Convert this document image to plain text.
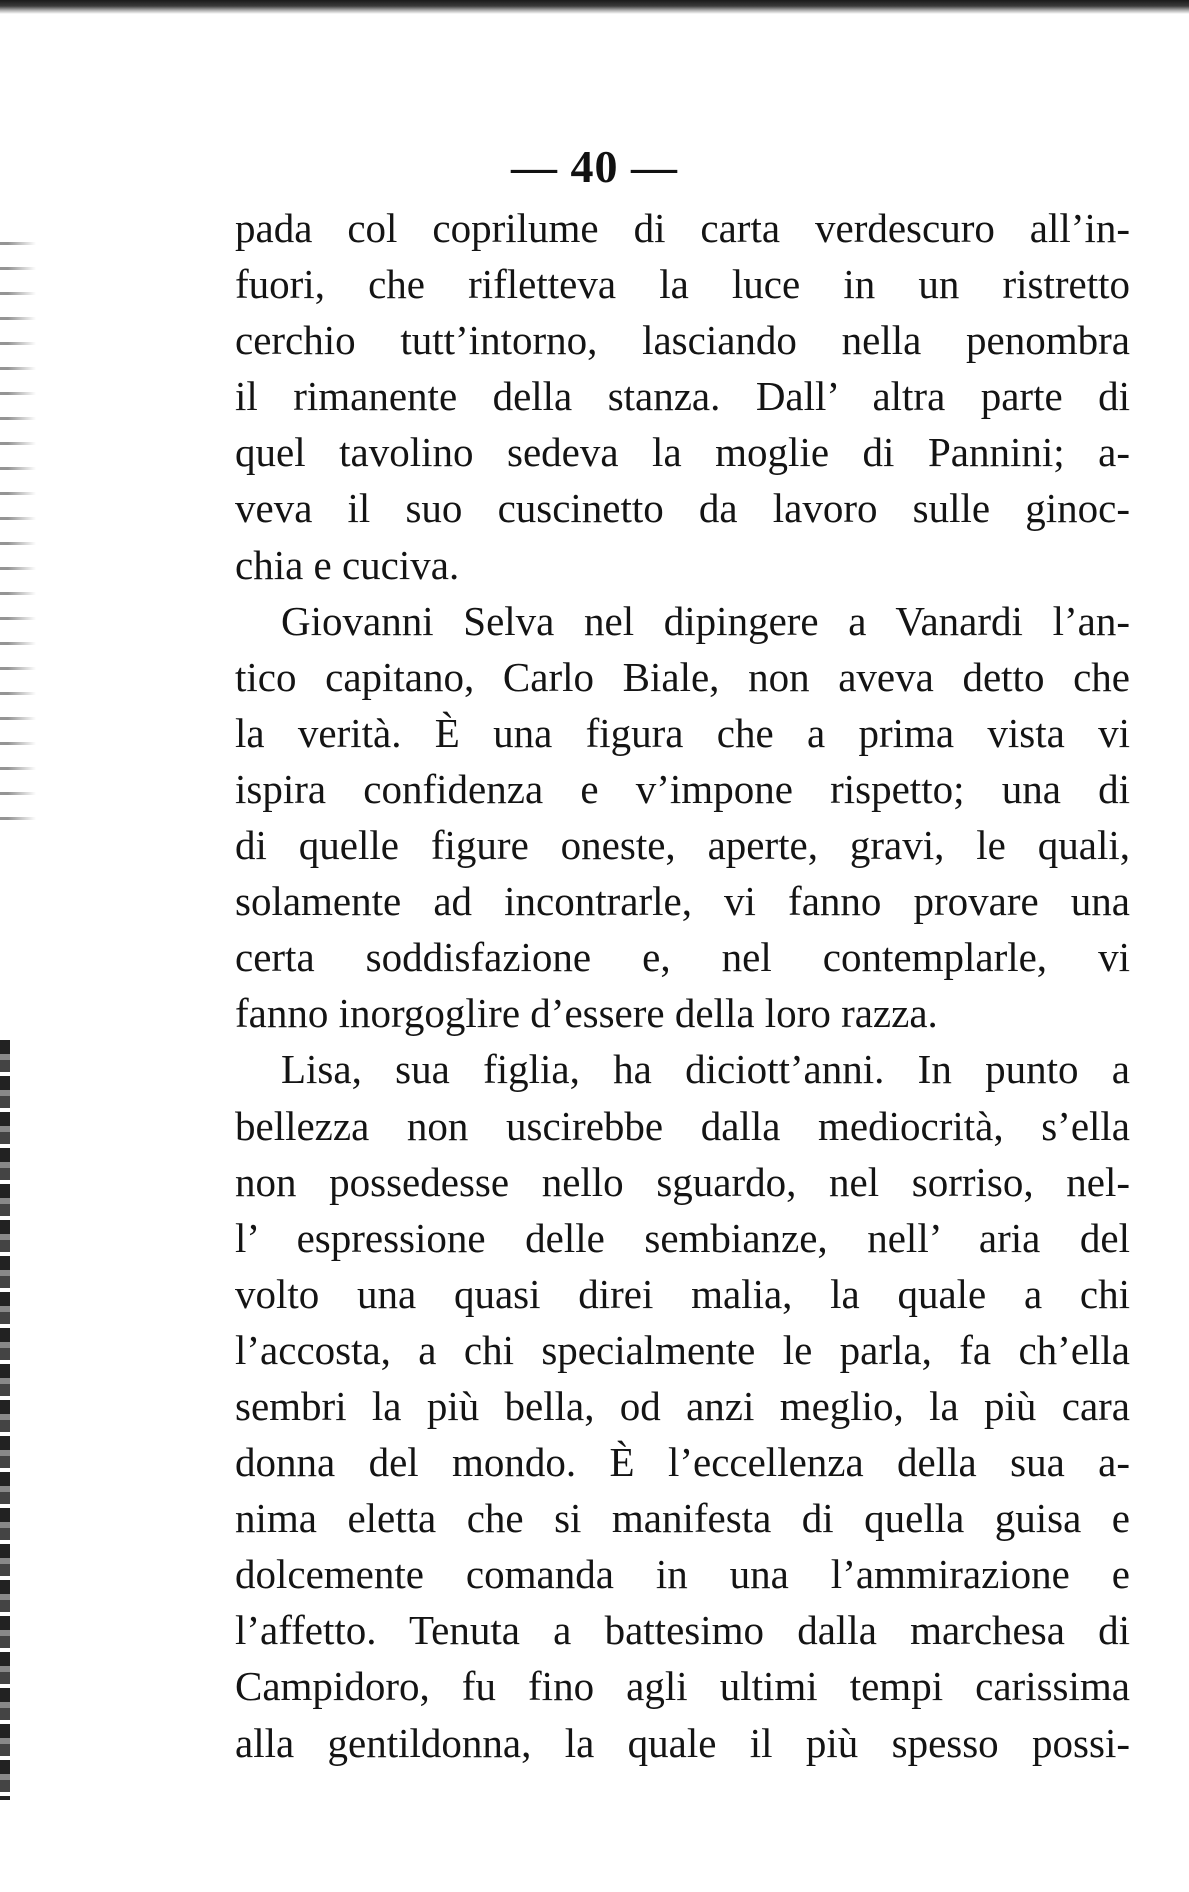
— 40 —

pada col coprilume di carta verdescuro all’in-
fuori, che rifletteva la luce in un ristretto
cerchio tutt’intorno, lasciando nella penombra
il rimanente della stanza. Dall’ altra parte di
quel tavolino sedeva la moglie di Pannini; a-
veva il suo cuscinetto da lavoro sulle ginoc-
chia e cuciva.

Giovanni Selva nel dipingere a Vanardi l’an-
tico capitano, Carlo Biale, non aveva detto che
la verità. È una figura che a prima vista vi
ispira confidenza e v’impone rispetto; una di
di quelle figure oneste, aperte, gravi, le quali,
solamente ad incontrarle, vi fanno provare una
certa soddisfazione e, nel contemplarle, vi
fanno inorgoglire d’essere della loro razza.

Lisa, sua figlia, ha diciott’anni. In punto a
bellezza non uscirebbe dalla mediocrità, s’ella
non possedesse nello sguardo, nel sorriso, nel-
l’ espressione delle sembianze, nell’ aria del
volto una quasi direi malia, la quale a chi
l’accosta, a chi specialmente le parla, fa ch’ella
sembri la più bella, od anzi meglio, la più cara
donna del mondo. È l’eccellenza della sua a-
nima eletta che si manifesta di quella guisa e
dolcemente comanda in una l’ammirazione e
l’affetto. Tenuta a battesimo dalla marchesa di
Campidoro, fu fino agli ultimi tempi carissima
alla gentildonna, la quale il più spesso possi-
